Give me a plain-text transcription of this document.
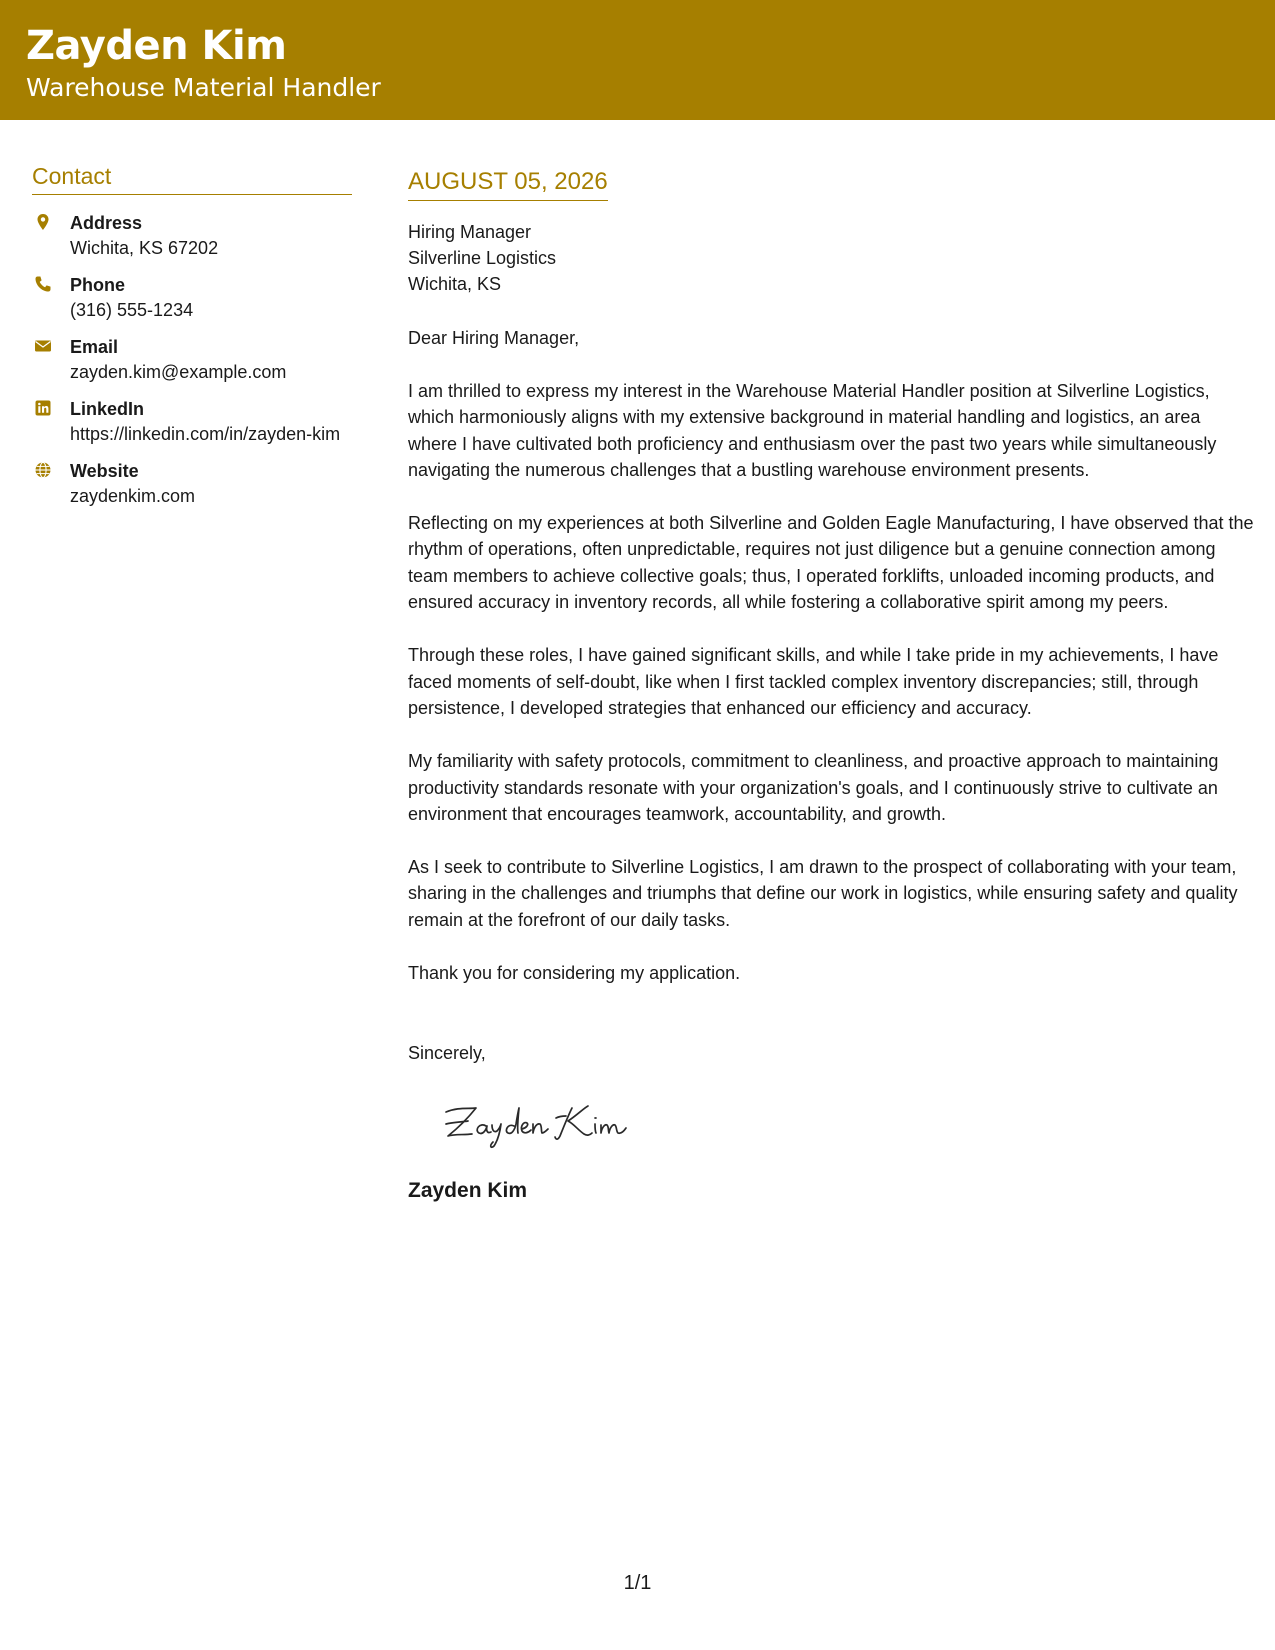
Zayden Kim
Warehouse Material Handler
Contact
Address
Wichita, KS 67202
Phone
(316) 555-1234
Email
zayden.kim@example.com
LinkedIn
https://linkedin.com/in/zayden-kim
Website
zaydenkim.com
AUGUST 05, 2026
Hiring Manager
Silverline Logistics
Wichita, KS
Dear Hiring Manager,
I am thrilled to express my interest in the Warehouse Material Handler position at Silverline Logistics, which harmoniously aligns with my extensive background in material handling and logistics, an area where I have cultivated both proficiency and enthusiasm over the past two years while simultaneously navigating the numerous challenges that a bustling warehouse environment presents.
Reflecting on my experiences at both Silverline and Golden Eagle Manufacturing, I have observed that the rhythm of operations, often unpredictable, requires not just diligence but a genuine connection among team members to achieve collective goals; thus, I operated forklifts, unloaded incoming products, and ensured accuracy in inventory records, all while fostering a collaborative spirit among my peers.
Through these roles, I have gained significant skills, and while I take pride in my achievements, I have faced moments of self-doubt, like when I first tackled complex inventory discrepancies; still, through persistence, I developed strategies that enhanced our efficiency and accuracy.
My familiarity with safety protocols, commitment to cleanliness, and proactive approach to maintaining productivity standards resonate with your organization's goals, and I continuously strive to cultivate an environment that encourages teamwork, accountability, and growth.
As I seek to contribute to Silverline Logistics, I am drawn to the prospect of collaborating with your team, sharing in the challenges and triumphs that define our work in logistics, while ensuring safety and quality remain at the forefront of our daily tasks.
Thank you for considering my application.
Sincerely,
Zayden Kim
1/1
